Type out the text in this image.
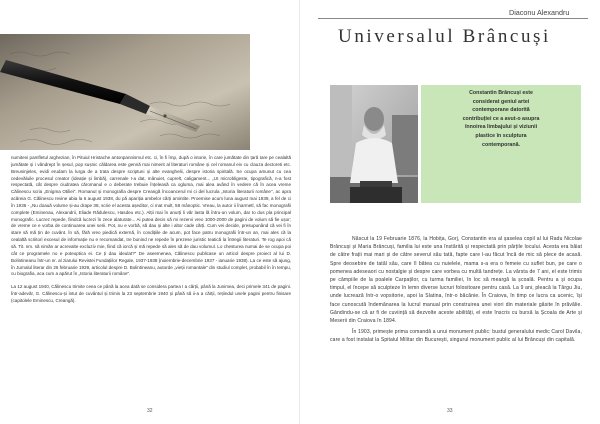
numiteni pamfletul arghezian, în Pituiul Hristache antonpannismul etc. ci, în fi împ, după o istorie, în care jumătate din țară tare pe cealaltă jumătate și i vândrept în șesul, pop sușnic căldarea este gennă mai nimerit al literaturi române și cel romanul eiv cu clauza dectoreti etc. Breuninjeles, evidi erudam la lurga de a trata despre scriptuni și alte evanghelii, despre istoria spiritală. Se ocupa amunut cu cea cedevăluile procesul creator (ideație și limbă), carrenale I-a dat, mânuiet, cuprelt, caligament... „Ut microbligeste, tipografică, n-a fost respectată, cât despre ciudratea căromanul e o deberate trebuie înțeleasă ca ogluma, mai alea având în vedere că în acea vreme Călinescu scria „Enigma Otiliei". Romanul și monografia despre Creangă încoancerul mi ci del lucrula „Istoria literaturii române", ac apra acăreia G. Călinescu revine abia la 6 august 1938, du pă apariția ambelor cărți amintite. Proemise acum luna august mai 1939, a fel de ci în 1936 - „Nu doauă volume și-au drape 38, scrie el acesta aședitor, ci mat mult, 58 mânoptic. Vreau, la autor ii înarmetl, să fac monografii complete (Eminenau, Alexandrii, Eliade Rădulescu, Hasdeu etc.). Alții mai în anurți li văr lasta lă întru-un volum, dar to dus pla principal monografic. Lucrez repede, fiindcă lucrezi în zece alaturate... Ai putea decis să mi rezervi vreo 1000-2000 de pagini de volum să fie ușor; de vreme ce e vorba de continuarea unei serii. Pot, nu e vorbă, să dau și alte i altor cade cărți. Cum vei decide, presupunând că vei fi în stare să mă țin de cuvânt. În să, fără vreo piedică externă, în condițiile de acum, pot face patru monografii într-un an, mai ales că la cealaltă scriitori excesul de informație nu e recomandat, tre bunind ne repede în prezese juristic teatică la întregii literaturi. Te rog apoi că să. Tit. nm. să nimăn ar acrevalte excluziv mie, fiind că iorcă și mă repede să ales să de dau volumul. Lo chesturea numai de se ocupa poi cât ce programele no e poteoptica ei. Ce ți dau ideulat?" De aseemenea, Călinescu publicase un articol despre proiect al lui D. Bolintineanu într-un nr. al ziarului Revistei Fundațiilor Regale, 1937-1938 (noiembrie-decembrie 1937 - ianuarie 1938). La ce este să ajung, în Jurnalul literar din 26 februarie 1939, articolul despre D. Bolintineanu, autorde „vieții romantale" din studiul complet, probabil în în tempu, cu biografia, aca cum a apărut în „Istoria literaturii române".

La 12 august 1940, Călinescu trimite ceea ce până la acea dată se considera partea I a cărții, până la Junimea, deci primele 341 de pagini. Într-adevăr, G. Călinescu-și intut de cuvântul și trimis la 23 septembrie 1940 și până să ii-a a cărții, rețiindul unele pagini pentru finisare (capitolele Eminescu, Creangă).

32
Diaconu Alexandru
Universalul Brâncuși
Constantin Brâncuși este
considerat geniul artei
contemporane datorită
contribuției ce a avut-o asupra
înnoirea limbajului și viziunii
plastice în sculptura
contemporană.

Născut la 19 Februarie 1876, la Hobița, Gorj, Constantin era al șaselea copil al lui Radu Nicolae Brâncuși și Maria Brâncuși, familia lui este una înstărită și respectată prin părțile locului. Acesta era băiat de către frații mai mari și de către severul său tată, fapte care l-au făcut încă de mic să plece de acasă. Spre deosebire de tatăl său, care îl bătea cu nuielele, mama s-a era o femeie cu suflet bun, pe care o pomenea adeseaori cu nostalgie și despre care vorbea cu multă tandrețe. La vârsta de 7 ani, el este trimis pe câmpiile de la poalele Carpaților, cu turma familiei, în loc să meargă la școală. Pentru a și ocupa timpul, el începe să sculpteze în lemn diverse lucruri folositoare pentru casă. La 9 ani, pleacă la Târgu Jiu, unde lucrează într-o vopsitorie, apoi la Slatina, într-o băcănie. În Craiova, în timp ce lucra ca ucenic, își face cunoscută îndemânarea la lucrul manual prin construirea unei viori din materiale găsite în prăvălie. Găndindu-se că ar fi de cuviință să dezvolte aceste abilități, el este înscris cu bursă la Școala de Arte și Meserii din Craiova în 1894.

În 1903, primește prima comandă a unui monument public: bustul generalului medic Carol Davila, care a fost instalat la Spitalul Militar din București, singurul monument public al lui Brâncuși din capitală.

33
